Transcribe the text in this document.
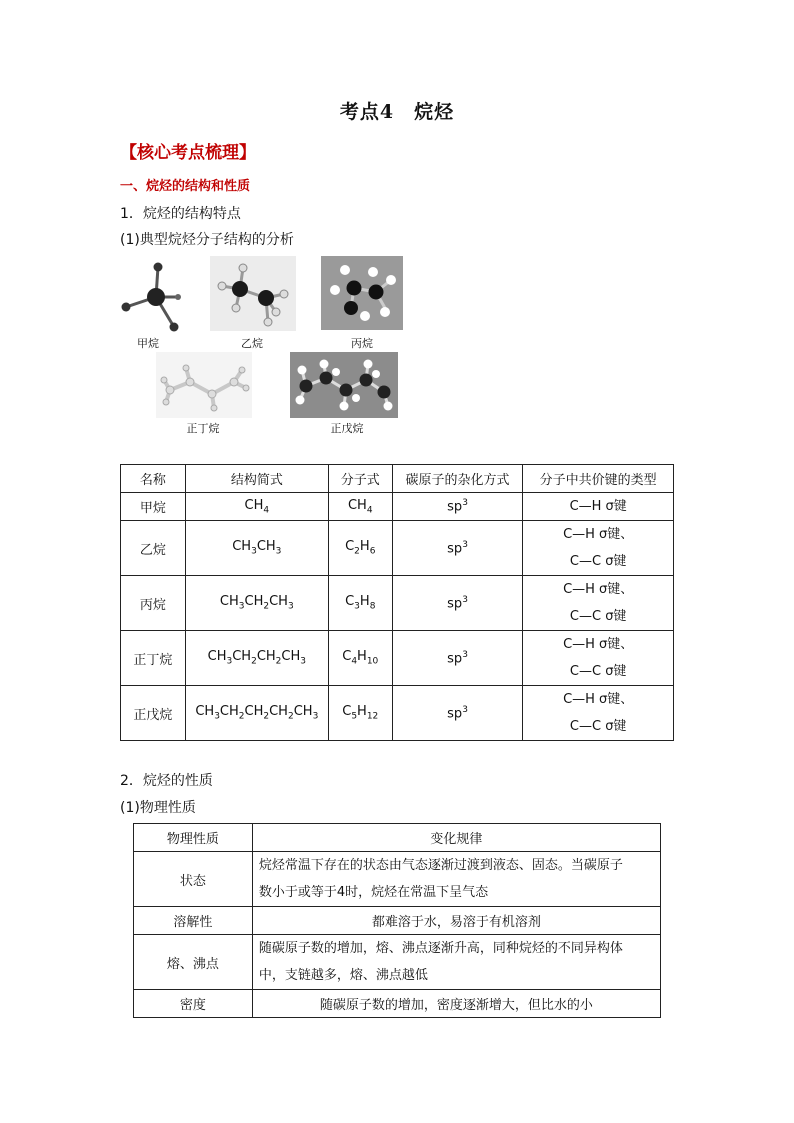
考点4　烷烃
【核心考点梳理】
一、烷烃的结构和性质
1．烷烃的结构特点
(1)典型烷烃分子结构的分析
甲烷	乙烷	丙烷
正丁烷	正戊烷
名称	结构简式	分子式	碳原子的杂化方式	分子中共价键的类型
甲烷	$CH_4$	$CH_4$	$sp^3$	C—H σ键

乙烷	$CH_3CH_3$	$C_2H_6$	$sp^3$	C—H σ键、
C—C σ键

丙烷	$CH_3CH_2CH_3$	$C_3H_8$	$sp^3$	C—H σ键、
C—C σ键

正丁烷	$CH_3CH_2CH_2CH_3$	$C_4H_{10}$	$sp^3$	C—H σ键、
C—C σ键

正戊烷	$CH_3CH_2CH_2CH_2CH_3$	$C_5H_{12}$	$sp^3$	C—H σ键、
C—C σ键
2．烷烃的性质
(1)物理性质
物理性质	变化规律
状态	烷烃常温下存在的状态由气态逐渐过渡到液态、固态。当碳原子
数小于或等于4时，烷烃在常温下呈气态

溶解性	都难溶于水，易溶于有机溶剂

熔、沸点	随碳原子数的增加，熔、沸点逐渐升高，同种烷烃的不同异构体
中，支链越多，熔、沸点越低

密度	随碳原子数的增加，密度逐渐增大，但比水的小
